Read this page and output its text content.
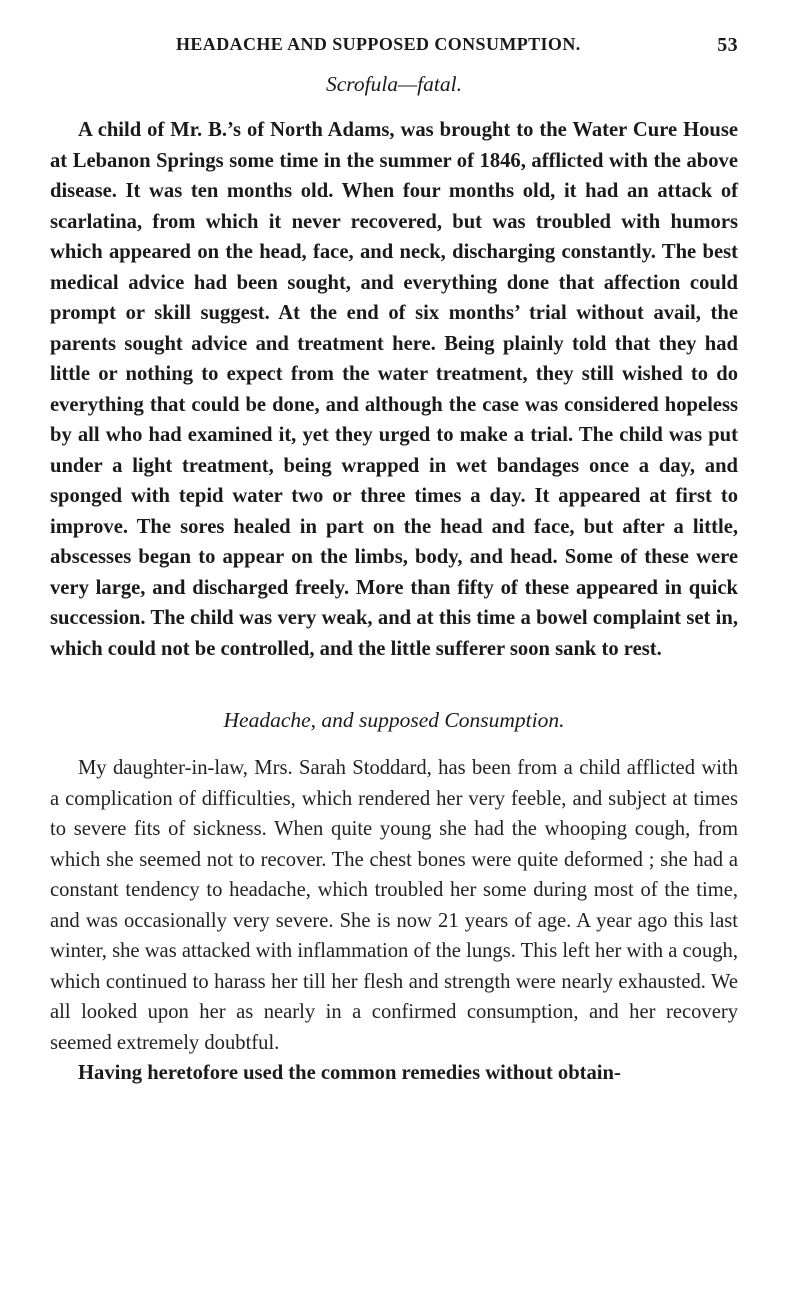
HEADACHE AND SUPPOSED CONSUMPTION.	53
Scrofula—fatal.

A child of Mr. B.’s of North Adams, was brought to the Water Cure House at Lebanon Springs some time in the summer of 1846, afflicted with the above disease. It was ten months old. When four months old, it had an attack of scarlatina, from which it never recovered, but was troubled with humors which appeared on the head, face, and neck, discharging constantly. The best medical advice had been sought, and everything done that affection could prompt or skill suggest. At the end of six months’ trial without avail, the parents sought advice and treatment here. Being plainly told that they had little or nothing to expect from the water treatment, they still wished to do everything that could be done, and although the case was considered hopeless by all who had examined it, yet they urged to make a trial. The child was put under a light treatment, being wrapped in wet bandages once a day, and sponged with tepid water two or three times a day. It appeared at first to improve. The sores healed in part on the head and face, but after a little, abscesses began to appear on the limbs, body, and head. Some of these were very large, and discharged freely. More than fifty of these appeared in quick succession. The child was very weak, and at this time a bowel complaint set in, which could not be controlled, and the little sufferer soon sank to rest.

Headache, and supposed Consumption.

My daughter-in-law, Mrs. Sarah Stoddard, has been from a child afflicted with a complication of difficulties, which rendered her very feeble, and subject at times to severe fits of sickness. When quite young she had the whooping cough, from which she seemed not to recover. The chest bones were quite deformed ; she had a constant tendency to headache, which troubled her some during most of the time, and was occasionally very severe. She is now 21 years of age. A year ago this last winter, she was attacked with inflammation of the lungs. This left her with a cough, which continued to harass her till her flesh and strength were nearly exhausted. We all looked upon her as nearly in a confirmed consumption, and her recovery seemed extremely doubtful.

Having heretofore used the common remedies without obtain-
